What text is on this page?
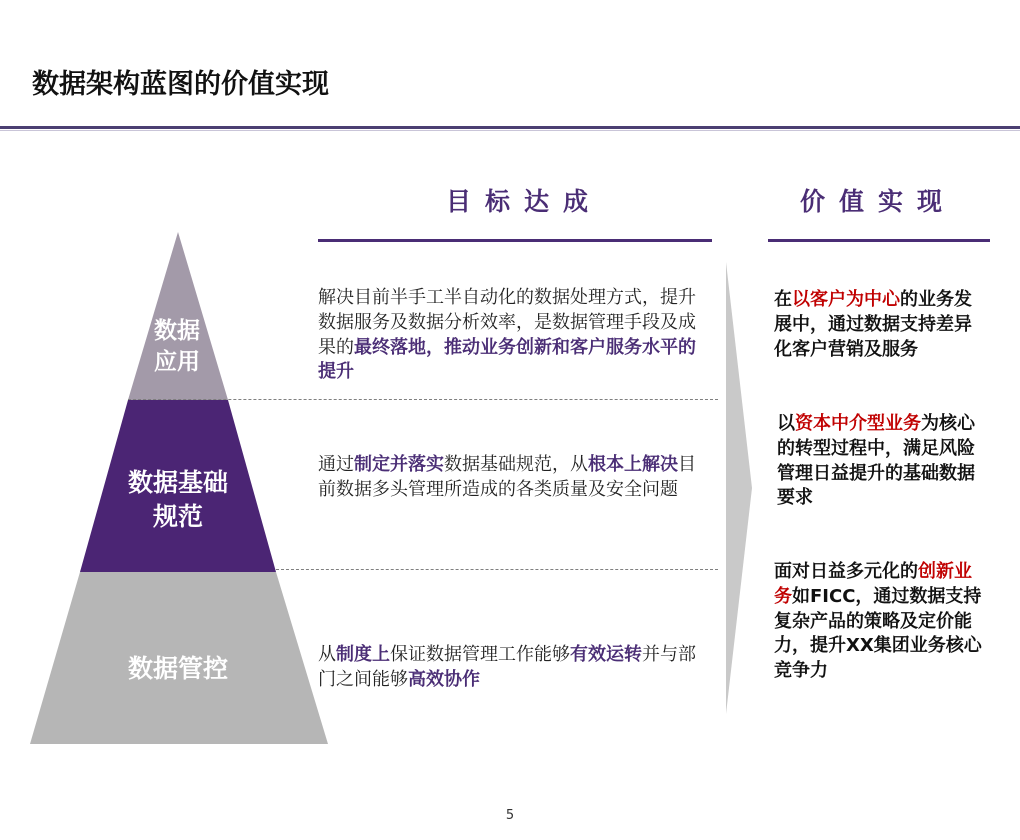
数据架构蓝图的价值实现
目标达成	价值实现
数据
应用
数据基础
规范
数据管控
解决目前半手工半自动化的数据处理方式，提升数据服务及数据分析效率，是数据管理手段及成果的最终落地，推动业务创新和客户服务水平的提升
通过制定并落实数据基础规范，从根本上解决目前数据多头管理所造成的各类质量及安全问题
从制度上保证数据管理工作能够有效运转并与部门之间能够高效协作
在以客户为中心的业务发展中，通过数据支持差异化客户营销及服务
以资本中介型业务为核心的转型过程中，满足风险管理日益提升的基础数据要求
面对日益多元化的创新业务如FICC，通过数据支持复杂产品的策略及定价能力，提升XX集团业务核心竞争力
5
